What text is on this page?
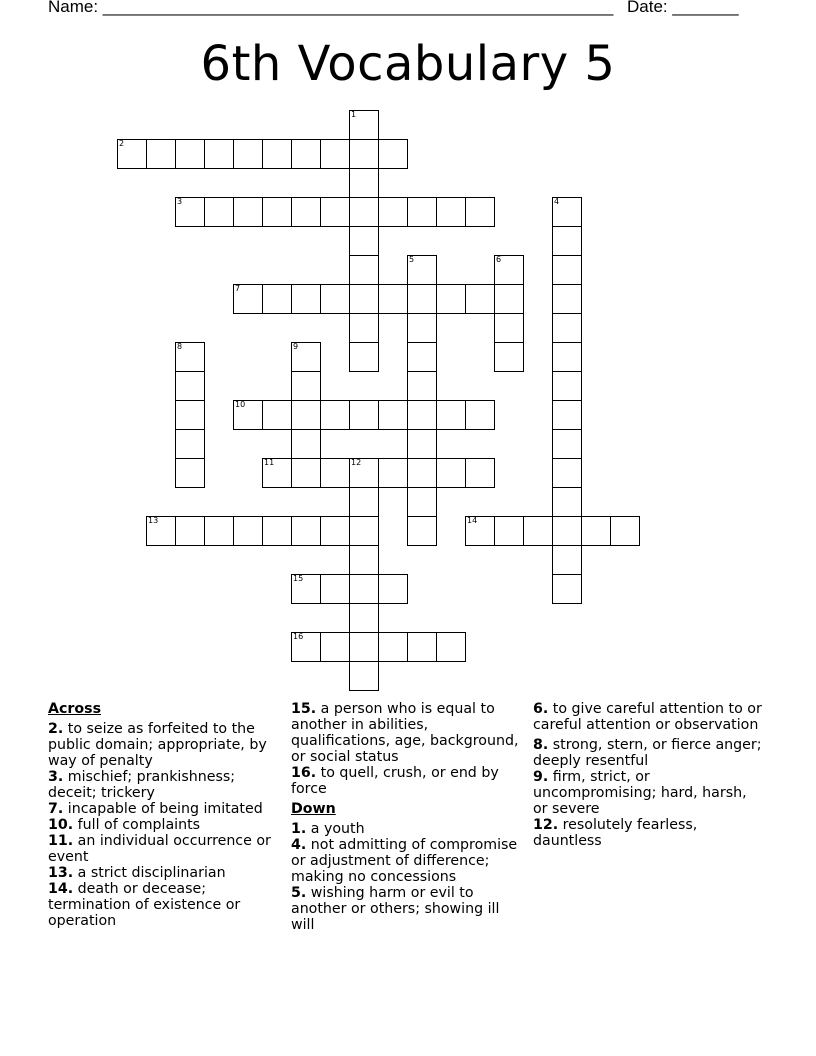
Name: ______________________________________________________ Date: _______
6th Vocabulary 5
1
2
3	4
5	6
7
8	9
10
11	12
13	14
15
16
Across
2. to seize as forfeited to the public domain; appropriate, by way of penalty
3. mischief; prankishness; deceit; trickery
7. incapable of being imitated
10. full of complaints
11. an individual occurrence or event
13. a strict disciplinarian
14. death or decease; termination of existence or operation
15. a person who is equal to another in abilities, qualifications, age, background, or social status
16. to quell, crush, or end by force
Down
1. a youth
4. not admitting of compromise or adjustment of difference; making no concessions
5. wishing harm or evil to another or others; showing ill will
6. to give careful attention to or careful attention or observation
8. strong, stern, or fierce anger; deeply resentful
9. firm, strict, or uncompromising; hard, harsh, or severe
12. resolutely fearless, dauntless
